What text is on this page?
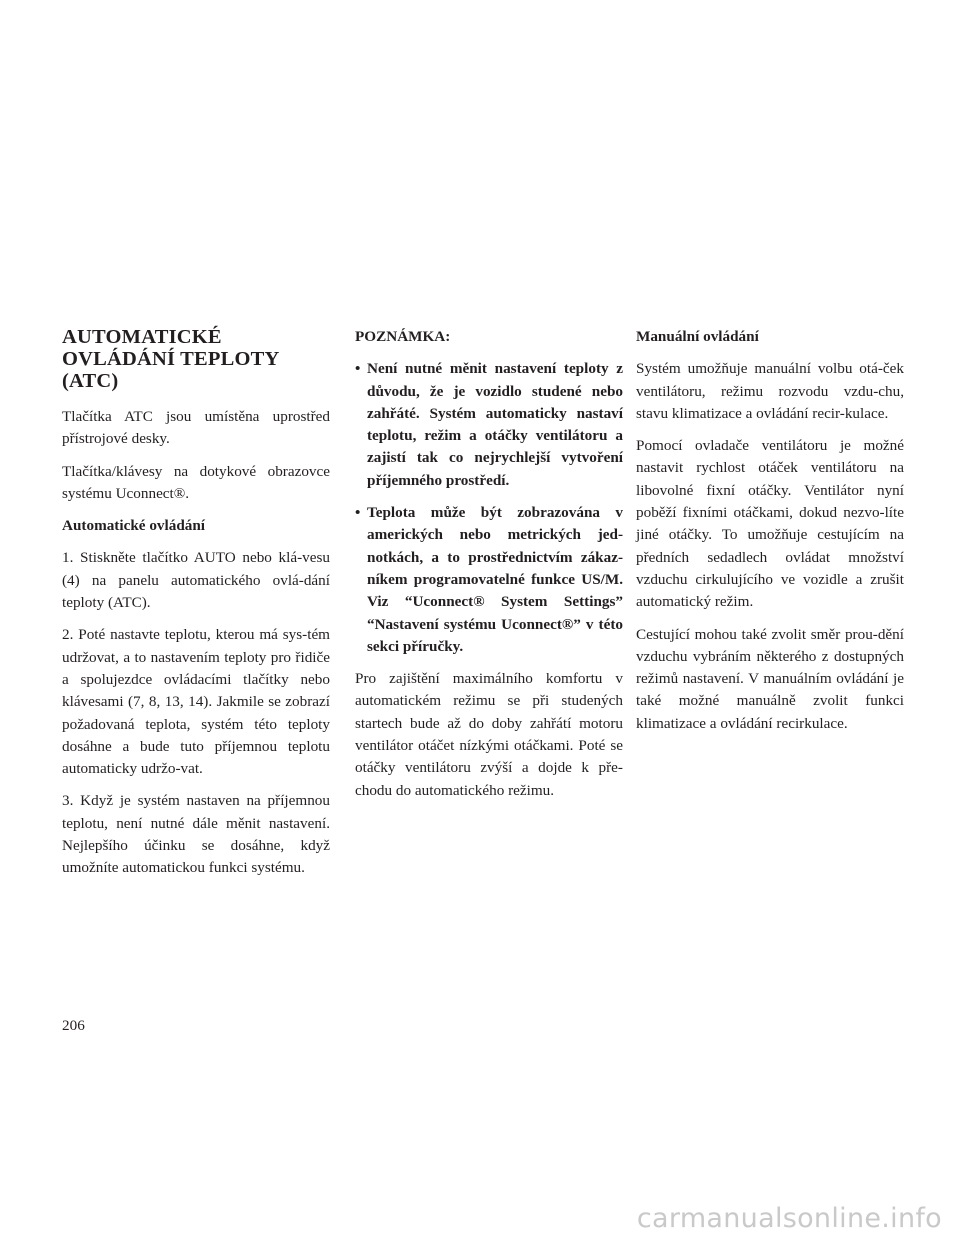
AUTOMATICKÉ
OVLÁDÁNÍ TEPLOTY
(ATC)

Tlačítka ATC jsou umístěna uprostřed přístrojové desky.

Tlačítka/klávesy na dotykové obrazovce systému Uconnect®.

Automatické ovládání

1. Stiskněte tlačítko AUTO nebo klá-vesu (4) na panelu automatického ovlá-dání teploty (ATC).

2. Poté nastavte teplotu, kterou má sys-tém udržovat, a to nastavením teploty pro řidiče a spolujezdce ovládacími tlačítky nebo klávesami (7, 8, 13, 14). Jakmile se zobrazí požadovaná teplota, systém této teploty dosáhne a bude tuto příjemnou teplotu automaticky udržo-vat.

3. Když je systém nastaven na příjemnou teplotu, není nutné dále měnit nastavení. Nejlepšího účinku se dosáhne, když umožníte automatickou funkci systému.

POZNÁMKA:

• Není nutné měnit nastavení teploty z důvodu, že je vozidlo studené nebo zahřáté. Systém automaticky nastaví teplotu, režim a otáčky ventilátoru a zajistí tak co nejrychlejší vytvoření příjemného prostředí.
• Teplota může být zobrazována v amerických nebo metrických jed-notkách, a to prostřednictvím zákaz-níkem programovatelné funkce US/M. Viz “Uconnect® System Settings” “Nastavení systému Uconnect®” v této sekci příručky.

Pro zajištění maximálního komfortu v automatickém režimu se při studených startech bude až do doby zahřátí motoru ventilátor otáčet nízkými otáčkami. Poté se otáčky ventilátoru zvýší a dojde k pře-chodu do automatického režimu.

Manuální ovládání

Systém umožňuje manuální volbu otá-ček ventilátoru, režimu rozvodu vzdu-chu, stavu klimatizace a ovládání recir-kulace.

Pomocí ovladače ventilátoru je možné nastavit rychlost otáček ventilátoru na libovolné fixní otáčky. Ventilátor nyní poběží fixními otáčkami, dokud nezvo-líte jiné otáčky. To umožňuje cestujícím na předních sedadlech ovládat množství vzduchu cirkulujícího ve vozidle a zrušit automatický režim.

Cestující mohou také zvolit směr prou-dění vzduchu vybráním některého z dostupných režimů nastavení. V manuálním ovládání je také možné manuálně zvolit funkci klimatizace a ovládání recirkulace.

206
carmanualsonline.info
